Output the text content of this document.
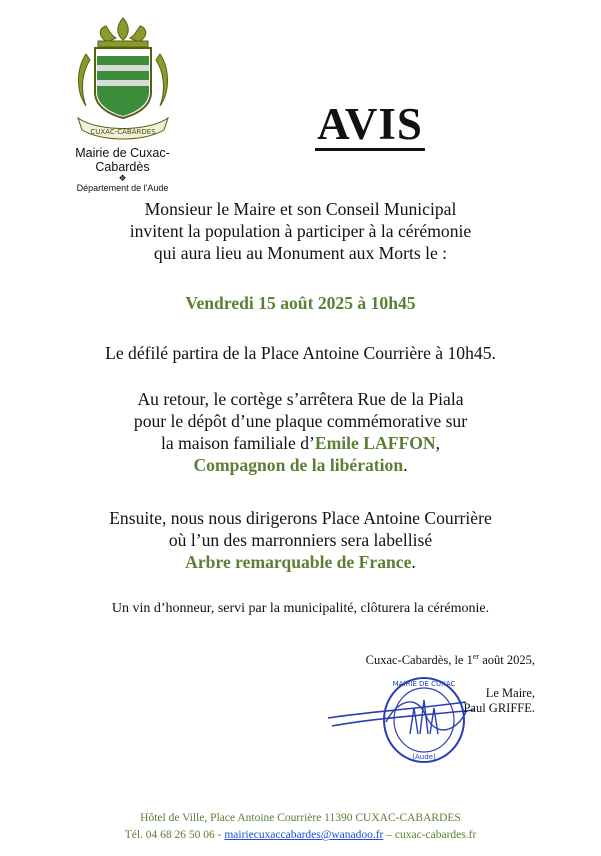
CUXAC-CABARDES
Mairie de Cuxac-Cabardès
❖
Département de l'Aude
AVIS
Monsieur le Maire et son Conseil Municipal
invitent la population à participer à la cérémonie
qui aura lieu au Monument aux Morts le :
Vendredi 15 août 2025 à 10h45
Le défilé partira de la Place Antoine Courrière à 10h45.
Au retour, le cortège s’arrêtera Rue de la Piala
pour le dépôt d’une plaque commémorative sur
la maison familiale d’Emile LAFFON,
Compagnon de la libération.
Ensuite, nous nous dirigerons Place Antoine Courrière
où l’un des marronniers sera labellisé
Arbre remarquable de France.
Un vin d’honneur, servi par la municipalité, clôturera la cérémonie.
Cuxac-Cabardès, le 1er août 2025,
MAIRIE DE CUXAC
(Aude)
Le Maire,
Paul GRIFFE.
Hôtel de Ville, Place Antoine Courrière 11390 CUXAC-CABARDES
Tél. 04 68 26 50 06 - mairiecuxaccabardes@wanadoo.fr – cuxac-cabardes.fr
